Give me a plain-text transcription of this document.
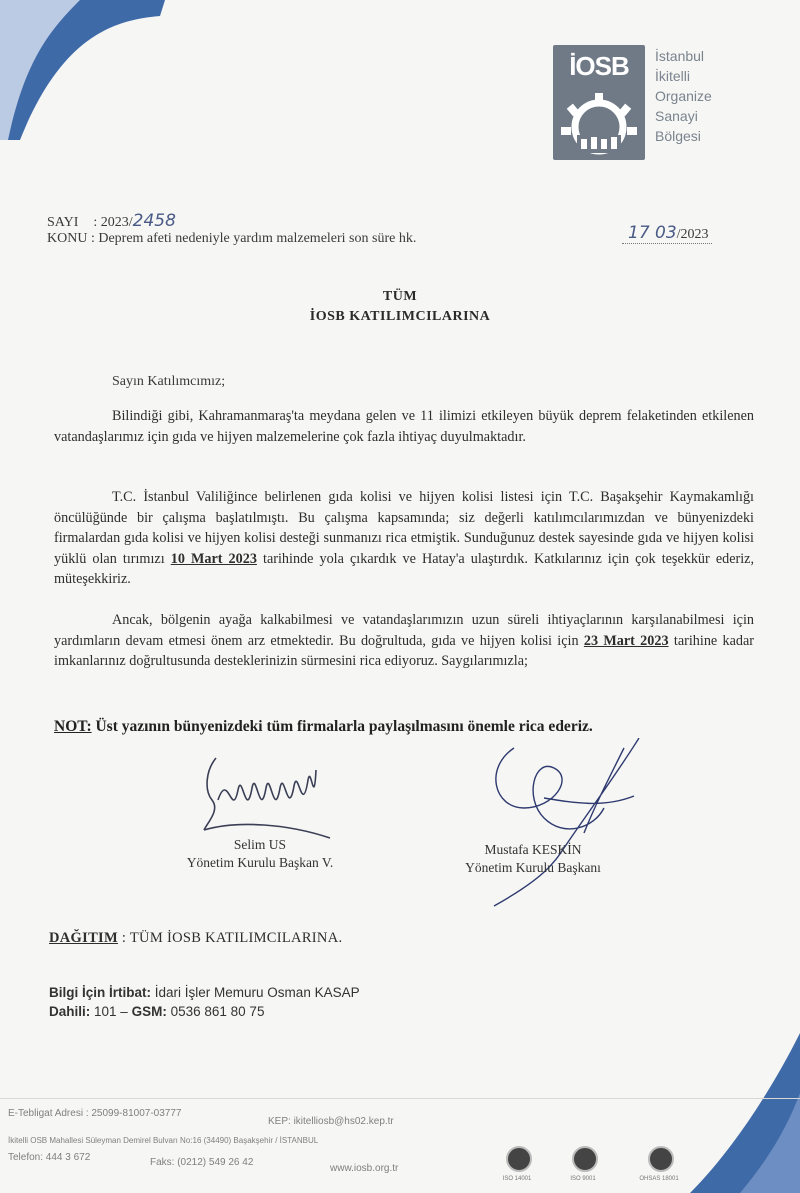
İOSB	İstanbul
İkitelli
Organize
Sanayi
Bölgesi
SAYI : 2023/2458
KONU : Deprem afeti nedeniyle yardım malzemeleri son süre hk.	17 03/2023
TÜM
İOSB KATILIMCILARINA
Sayın Katılımcımız;

Bilindiği gibi, Kahramanmaraş'ta meydana gelen ve 11 ilimizi etkileyen büyük deprem felaketinden etkilenen vatandaşlarımız için gıda ve hijyen malzemelerine çok fazla ihtiyaç duyulmaktadır.

T.C. İstanbul Valiliğince belirlenen gıda kolisi ve hijyen kolisi listesi için T.C. Başakşehir Kaymakamlığı öncülüğünde bir çalışma başlatılmıştı. Bu çalışma kapsamında; siz değerli katılımcılarımızdan ve bünyenizdeki firmalardan gıda kolisi ve hijyen kolisi desteği sunmanızı rica etmiştik. Sunduğunuz destek sayesinde gıda ve hijyen kolisi yüklü olan tırımızı 10 Mart 2023 tarihinde yola çıkardık ve Hatay'a ulaştırdık. Katkılarınız için çok teşekkür ederiz, müteşekkiriz.

Ancak, bölgenin ayağa kalkabilmesi ve vatandaşlarımızın uzun süreli ihtiyaçlarının karşılanabilmesi için yardımların devam etmesi önem arz etmektedir. Bu doğrultuda, gıda ve hijyen kolisi için 23 Mart 2023 tarihine kadar imkanlarınız doğrultusunda desteklerinizin sürmesini rica ediyoruz. Saygılarımızla;

NOT: Üst yazının bünyenizdeki tüm firmalarla paylaşılmasını önemle rica ederiz.
Selim US
Yönetim Kurulu Başkan V.
Mustafa KESKİN
Yönetim Kurulu Başkanı
DAĞITIM : TÜM İOSB KATILIMCILARINA.
Bilgi İçin İrtibat: İdari İşler Memuru Osman KASAP
Dahili: 101 – GSM: 0536 861 80 75
E-Tebligat Adresi : 25099-81007-03777
KEP: ikitelliosb@hs02.kep.tr
İkitelli OSB Mahallesi Süleyman Demirel Bulvarı No:16 (34490) Başakşehir / İSTANBUL
Telefon: 444 3 672	Faks: (0212) 549 26 42
www.iosb.org.tr
ISO 14001	ISO 9001	OHSAS 18001
